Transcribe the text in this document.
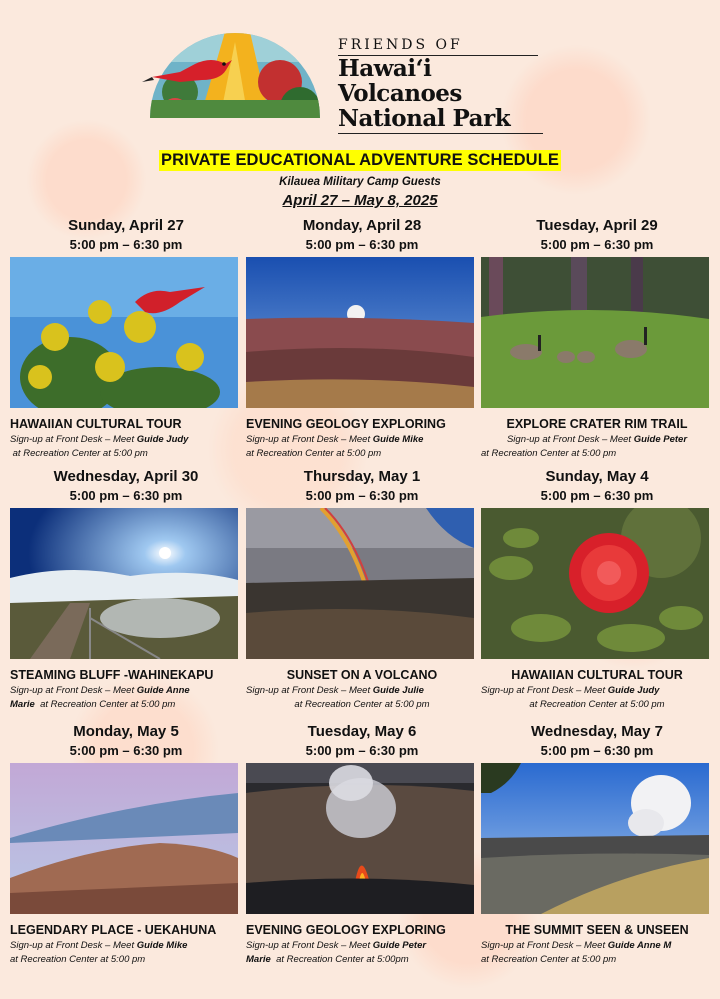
FRIENDS OF
Hawai‘i Volcanoes
National Park
PRIVATE EDUCATIONAL ADVENTURE SCHEDULE
Kilauea Military Camp Guests
April 27 – May 8, 2025
Sunday, April 27
5:00 pm – 6:30 pm
HAWAIIAN CULTURAL TOUR
Sign-up at Front Desk – Meet Guide Judy
at Recreation Center at 5:00 pm
Monday, April 28
5:00 pm – 6:30 pm
EVENING GEOLOGY EXPLORING
Sign-up at Front Desk – Meet Guide Mike
at Recreation Center at 5:00 pm
Tuesday, April 29
5:00 pm – 6:30 pm
EXPLORE CRATER RIM TRAIL
Sign-up at Front Desk – Meet Guide Peter
at Recreation Center at 5:00 pm
Wednesday, April 30
5:00 pm – 6:30 pm
STEAMING BLUFF -WAHINEKAPU
Sign-up at Front Desk – Meet Guide Anne
Marie at Recreation Center at 5:00 pm
Thursday, May 1
5:00 pm – 6:30 pm
SUNSET ON A VOLCANO
Sign-up at Front Desk – Meet Guide Julie
at Recreation Center at 5:00 pm
Sunday, May 4
5:00 pm – 6:30 pm
HAWAIIAN CULTURAL TOUR
Sign-up at Front Desk – Meet Guide Judy
at Recreation Center at 5:00 pm
Monday, May 5
5:00 pm – 6:30 pm
LEGENDARY PLACE - UEKAHUNA
Sign-up at Front Desk – Meet Guide Mike
at Recreation Center at 5:00 pm
Tuesday, May 6
5:00 pm – 6:30 pm
EVENING GEOLOGY EXPLORING
Sign-up at Front Desk – Meet Guide Peter
Marie at Recreation Center at 5:00pm
Wednesday, May 7
5:00 pm – 6:30 pm
THE SUMMIT SEEN & UNSEEN
Sign-up at Front Desk – Meet Guide Anne M
at Recreation Center at 5:00 pm
